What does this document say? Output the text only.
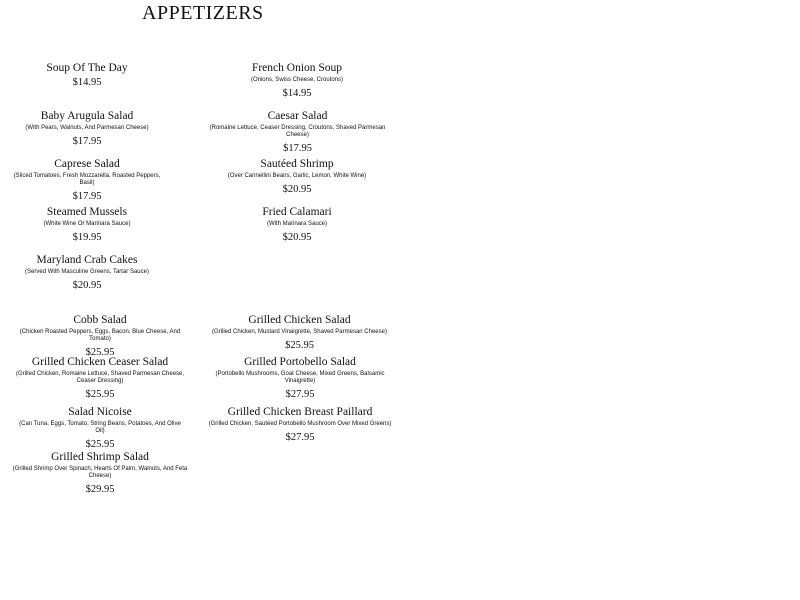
APPETIZERS
Soup Of The Day
$14.95
French Onion Soup
(Onions, Swiss Cheese, Croutons)
$14.95
Baby Arugula Salad
(With Pears, Walnuts, And Parmesan Cheese)
$17.95
Caesar Salad
(Romaine Lettuce, Ceaser Dressing, Croutons, Shaved Parmesan Cheese)
$17.95
Caprese Salad
(Sliced Tomatoes, Fresh Mozzarella, Roasted Peppers, Basil)
$17.95
Sautéed Shrimp
(Over Cannellini Beans, Garlic, Lemon, White Wine)
$20.95
Steamed Mussels
(White Wine Or Marinara Sauce)
$19.95
Fried Calamari
(With Marinara Sauce)
$20.95
Maryland Crab Cakes
(Served With Masculine Greens, Tartar Sauce)
$20.95
Cobb Salad
(Chicken Roasted Peppers, Eggs, Bacon, Blue Cheese, And Tomato)
$25.95
Grilled Chicken Salad
(Grilled Chicken, Mustard Vinaigrette, Shaved Parmesan Cheese)
$25.95
Grilled Chicken Ceaser Salad
(Grilled Chicken, Romaine Lettuce, Shaved Parmesan Cheese, Ceaser Dressing)
$25.95
Grilled Portobello Salad
(Portobello Mushrooms, Goat Cheese, Mixed Greens, Balsamic Vinaigrette)
$27.95
Salad Nicoise
(Can Tuna, Eggs, Tomato, String Beans, Potatoes, And Olive Oil)
$25.95
Grilled Chicken Breast Paillard
(Grilled Chicken, Sautéed Portobello Mushroom Over Mixed Greens)
$27.95
Grilled Shrimp Salad
(Grilled Shrimp Over Spinach, Hearts Of Palm, Walnuts, And Feta Cheese)
$29.95
